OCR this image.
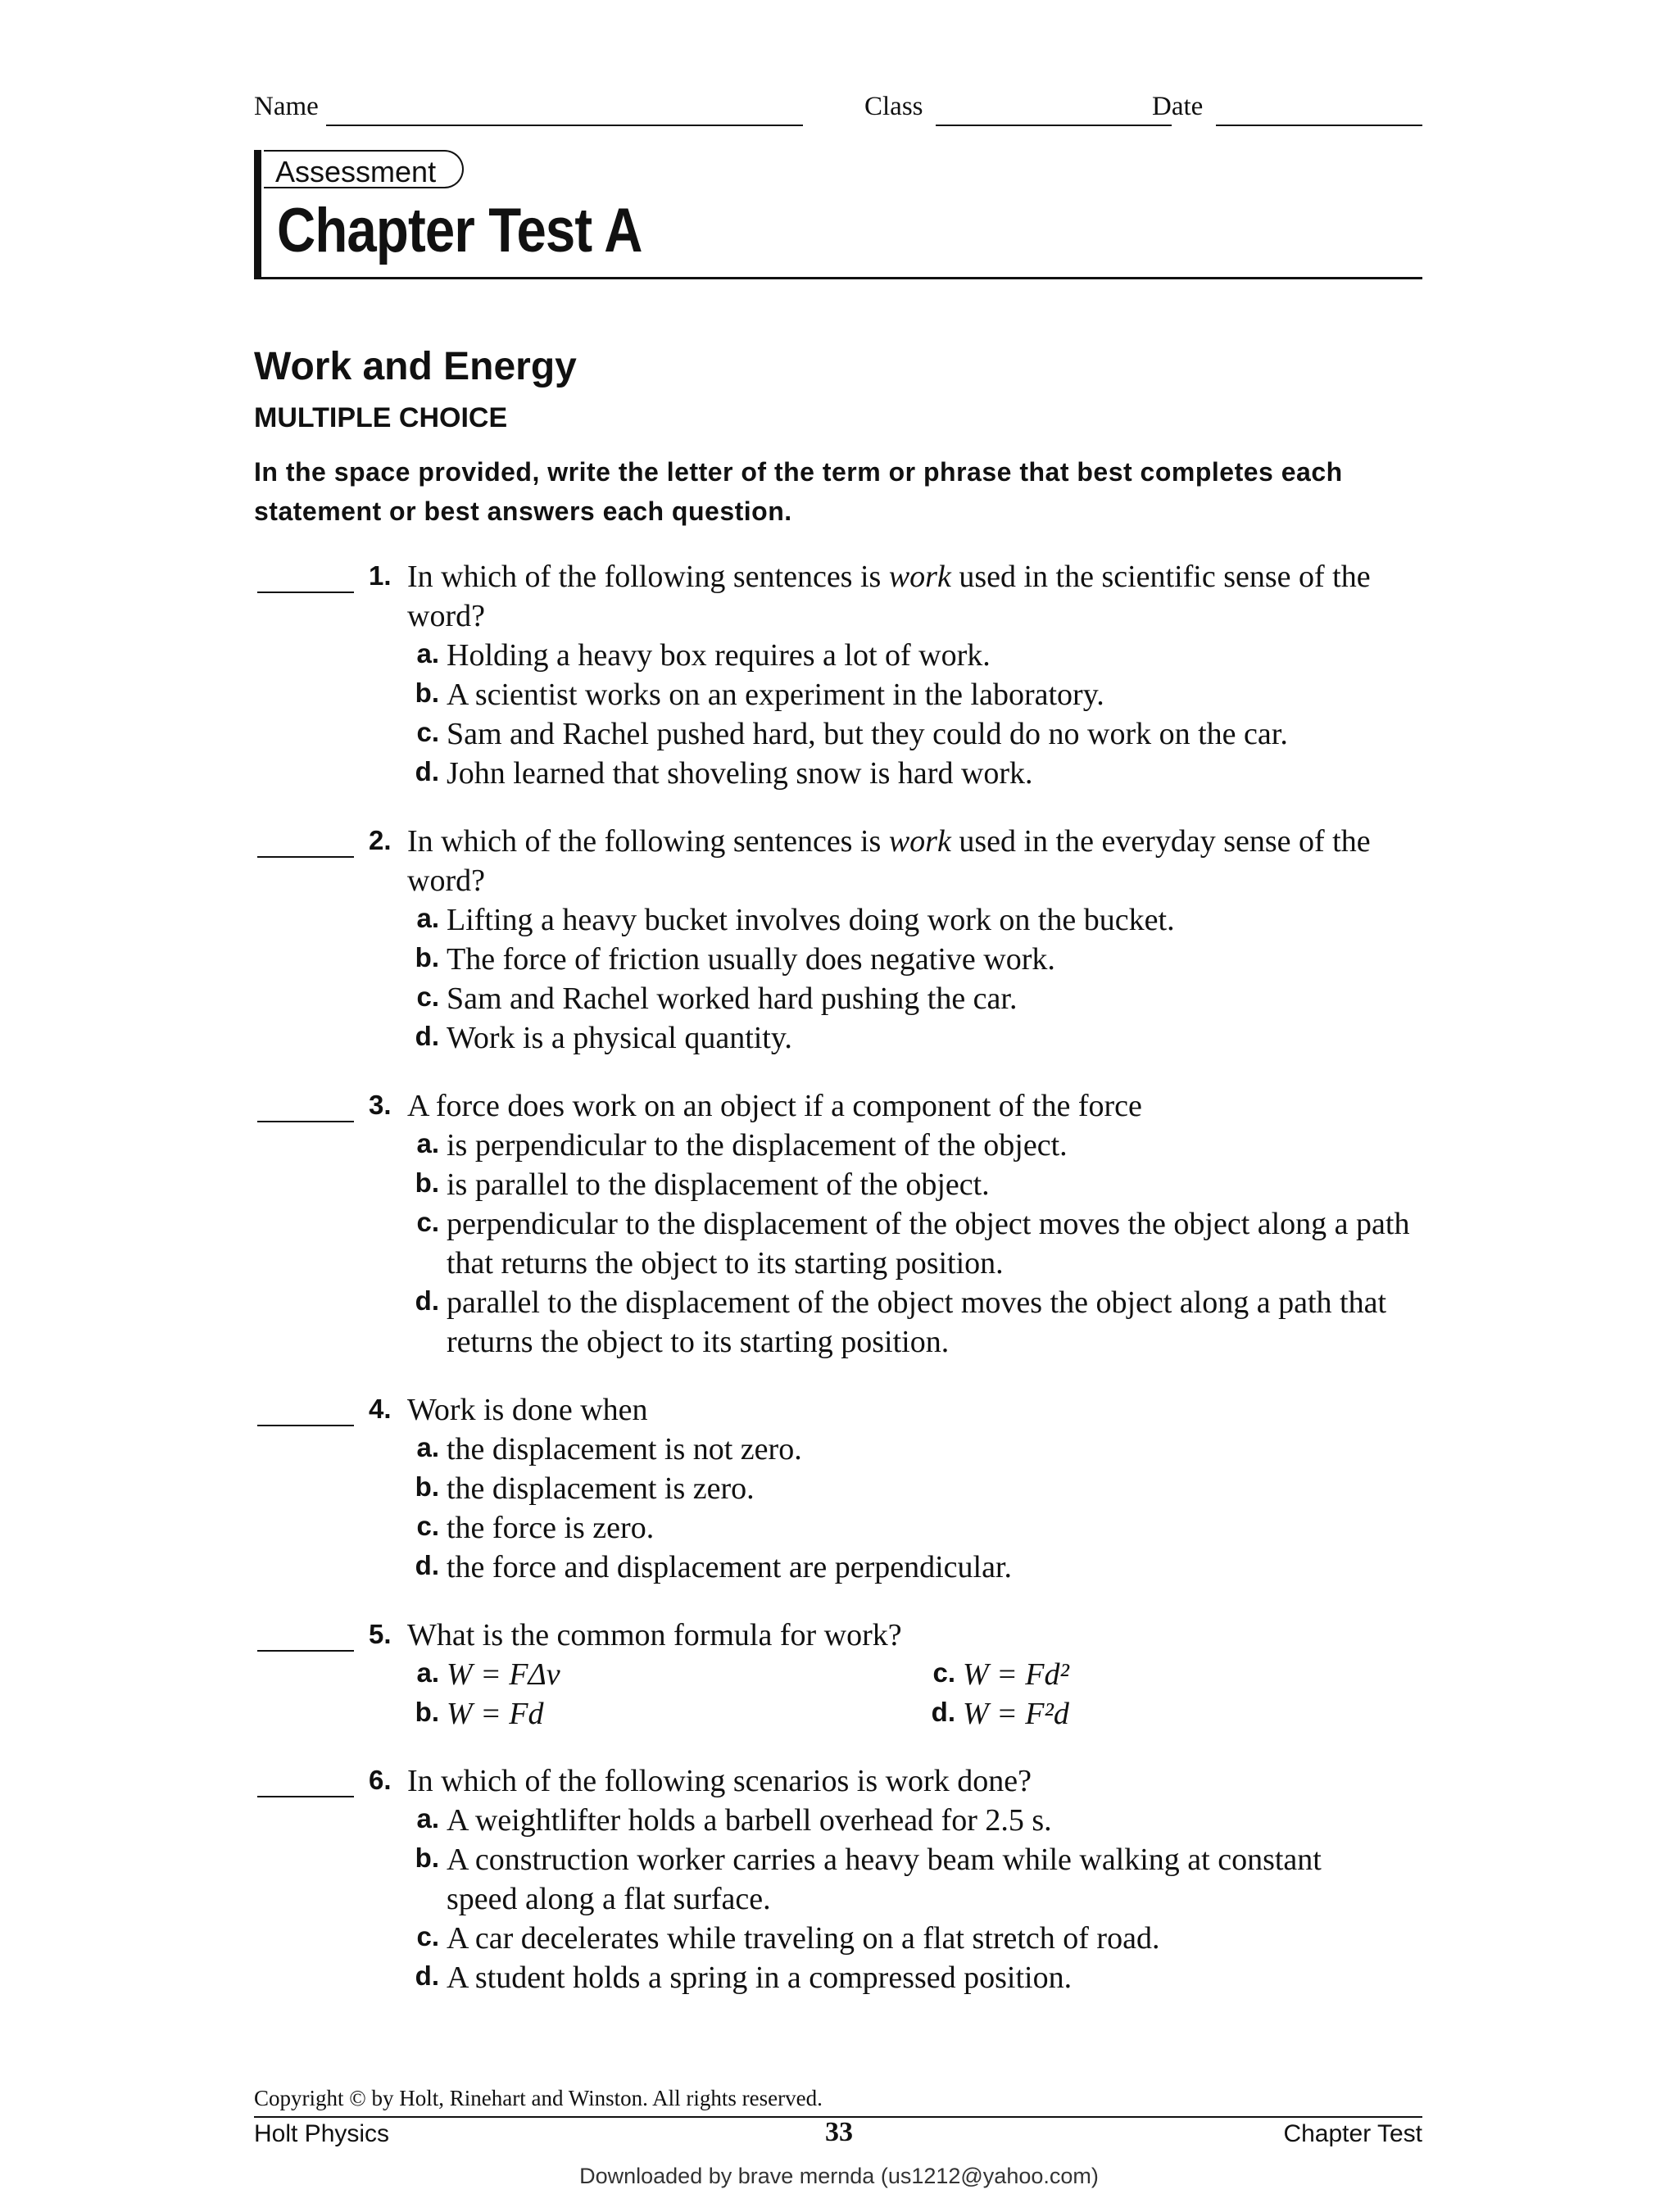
Name	Class	Date
Assessment
Chapter Test A
Work and Energy
MULTIPLE CHOICE
In the space provided, write the letter of the term or phrase that best completes each statement or best answers each question.
1. In which of the following sentences is work used in the scientific sense of the word?
a. Holding a heavy box requires a lot of work.
b. A scientist works on an experiment in the laboratory.
c. Sam and Rachel pushed hard, but they could do no work on the car.
d. John learned that shoveling snow is hard work.
2. In which of the following sentences is work used in the everyday sense of the word?
a. Lifting a heavy bucket involves doing work on the bucket.
b. The force of friction usually does negative work.
c. Sam and Rachel worked hard pushing the car.
d. Work is a physical quantity.
3. A force does work on an object if a component of the force
a. is perpendicular to the displacement of the object.
b. is parallel to the displacement of the object.
c. perpendicular to the displacement of the object moves the object along a path that returns the object to its starting position.
d. parallel to the displacement of the object moves the object along a path that returns the object to its starting position.
4. Work is done when
a. the displacement is not zero.
b. the displacement is zero.
c. the force is zero.
d. the force and displacement are perpendicular.
5. What is the common formula for work?
a. W = FΔv
b. W = Fd
c. W = Fd²
d. W = F²d
6. In which of the following scenarios is work done?
a. A weightlifter holds a barbell overhead for 2.5 s.
b. A construction worker carries a heavy beam while walking at constant speed along a flat surface.
c. A car decelerates while traveling on a flat stretch of road.
d. A student holds a spring in a compressed position.
Copyright © by Holt, Rinehart and Winston. All rights reserved.
Holt Physics	33	Chapter Test
Downloaded by brave mernda (us1212@yahoo.com)
